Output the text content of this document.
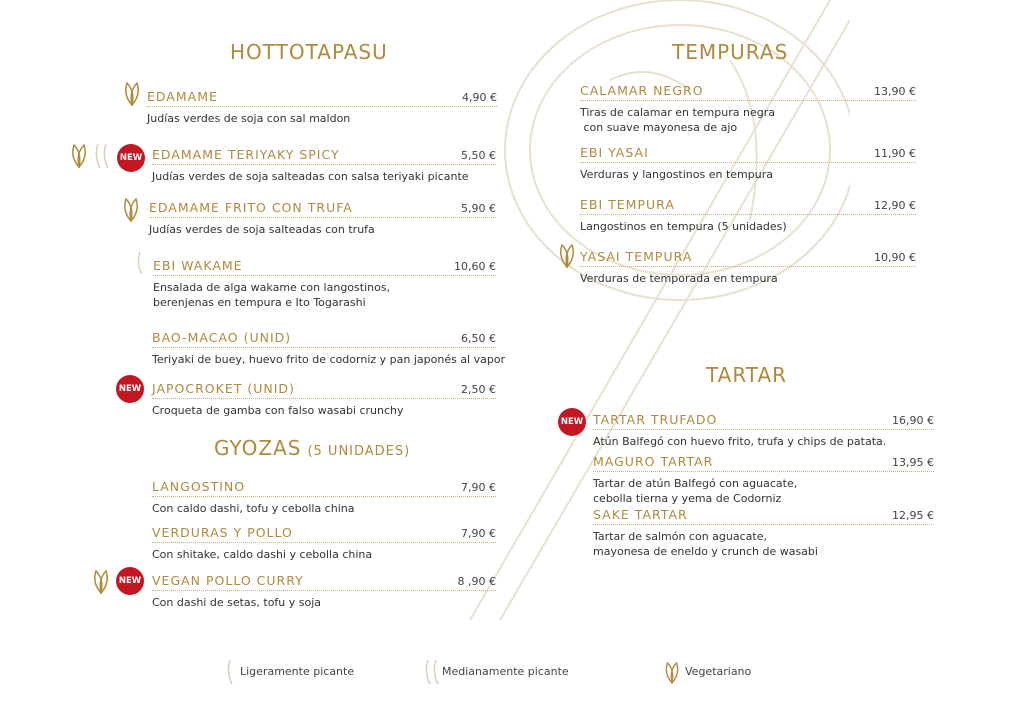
HOTTOTAPASU
GYOZAS (5 UNIDADES)
TEMPURAS
TARTAR
NEW
NEW
NEW
NEW
EDAMAME	4,90 €
Judías verdes de soja con sal maldon
EDAMAME TERIYAKY SPICY	5,50 €
Judías verdes de soja salteadas con salsa teriyaki picante
EDAMAME FRITO CON TRUFA	5,90 €
Judías verdes de soja salteadas con trufa
EBI WAKAME	10,60 €
Ensalada de alga wakame con langostinos,
berenjenas en tempura e Ito Togarashi
BAO-MACAO (UNID)	6,50 €
Teriyaki de buey, huevo frito de codorniz y pan japonés al vapor
JAPOCROKET (UNID)	2,50 €
Croqueta de gamba con falso wasabi crunchy
LANGOSTINO	7,90 €
Con caldo dashi, tofu y cebolla china
VERDURAS Y POLLO	7,90 €
Con shitake, caldo dashi y cebolla china
VEGAN POLLO CURRY	8 ,90 €
Con dashi de setas, tofu y soja
CALAMAR NEGRO	13,90 €
Tiras de calamar en tempura negra
con suave mayonesa de ajo
EBI YASAI	11,90 €
Verduras y langostinos en tempura
EBI TEMPURA	12,90 €
Langostinos en tempura (5 unidades)
YASAI TEMPURA	10,90 €
Verduras de temporada en tempura
TARTAR TRUFADO	16,90 €
Atún Balfegó con huevo frito, trufa y chips de patata.
MAGURO TARTAR	13,95 €
Tartar de atún Balfegó con aguacate,
cebolla tierna y yema de Codorniz
SAKE TARTAR	12,95 €
Tartar de salmón con aguacate,
mayonesa de eneldo y crunch de wasabi
Ligeramente picante	Medianamente picante	Vegetariano
